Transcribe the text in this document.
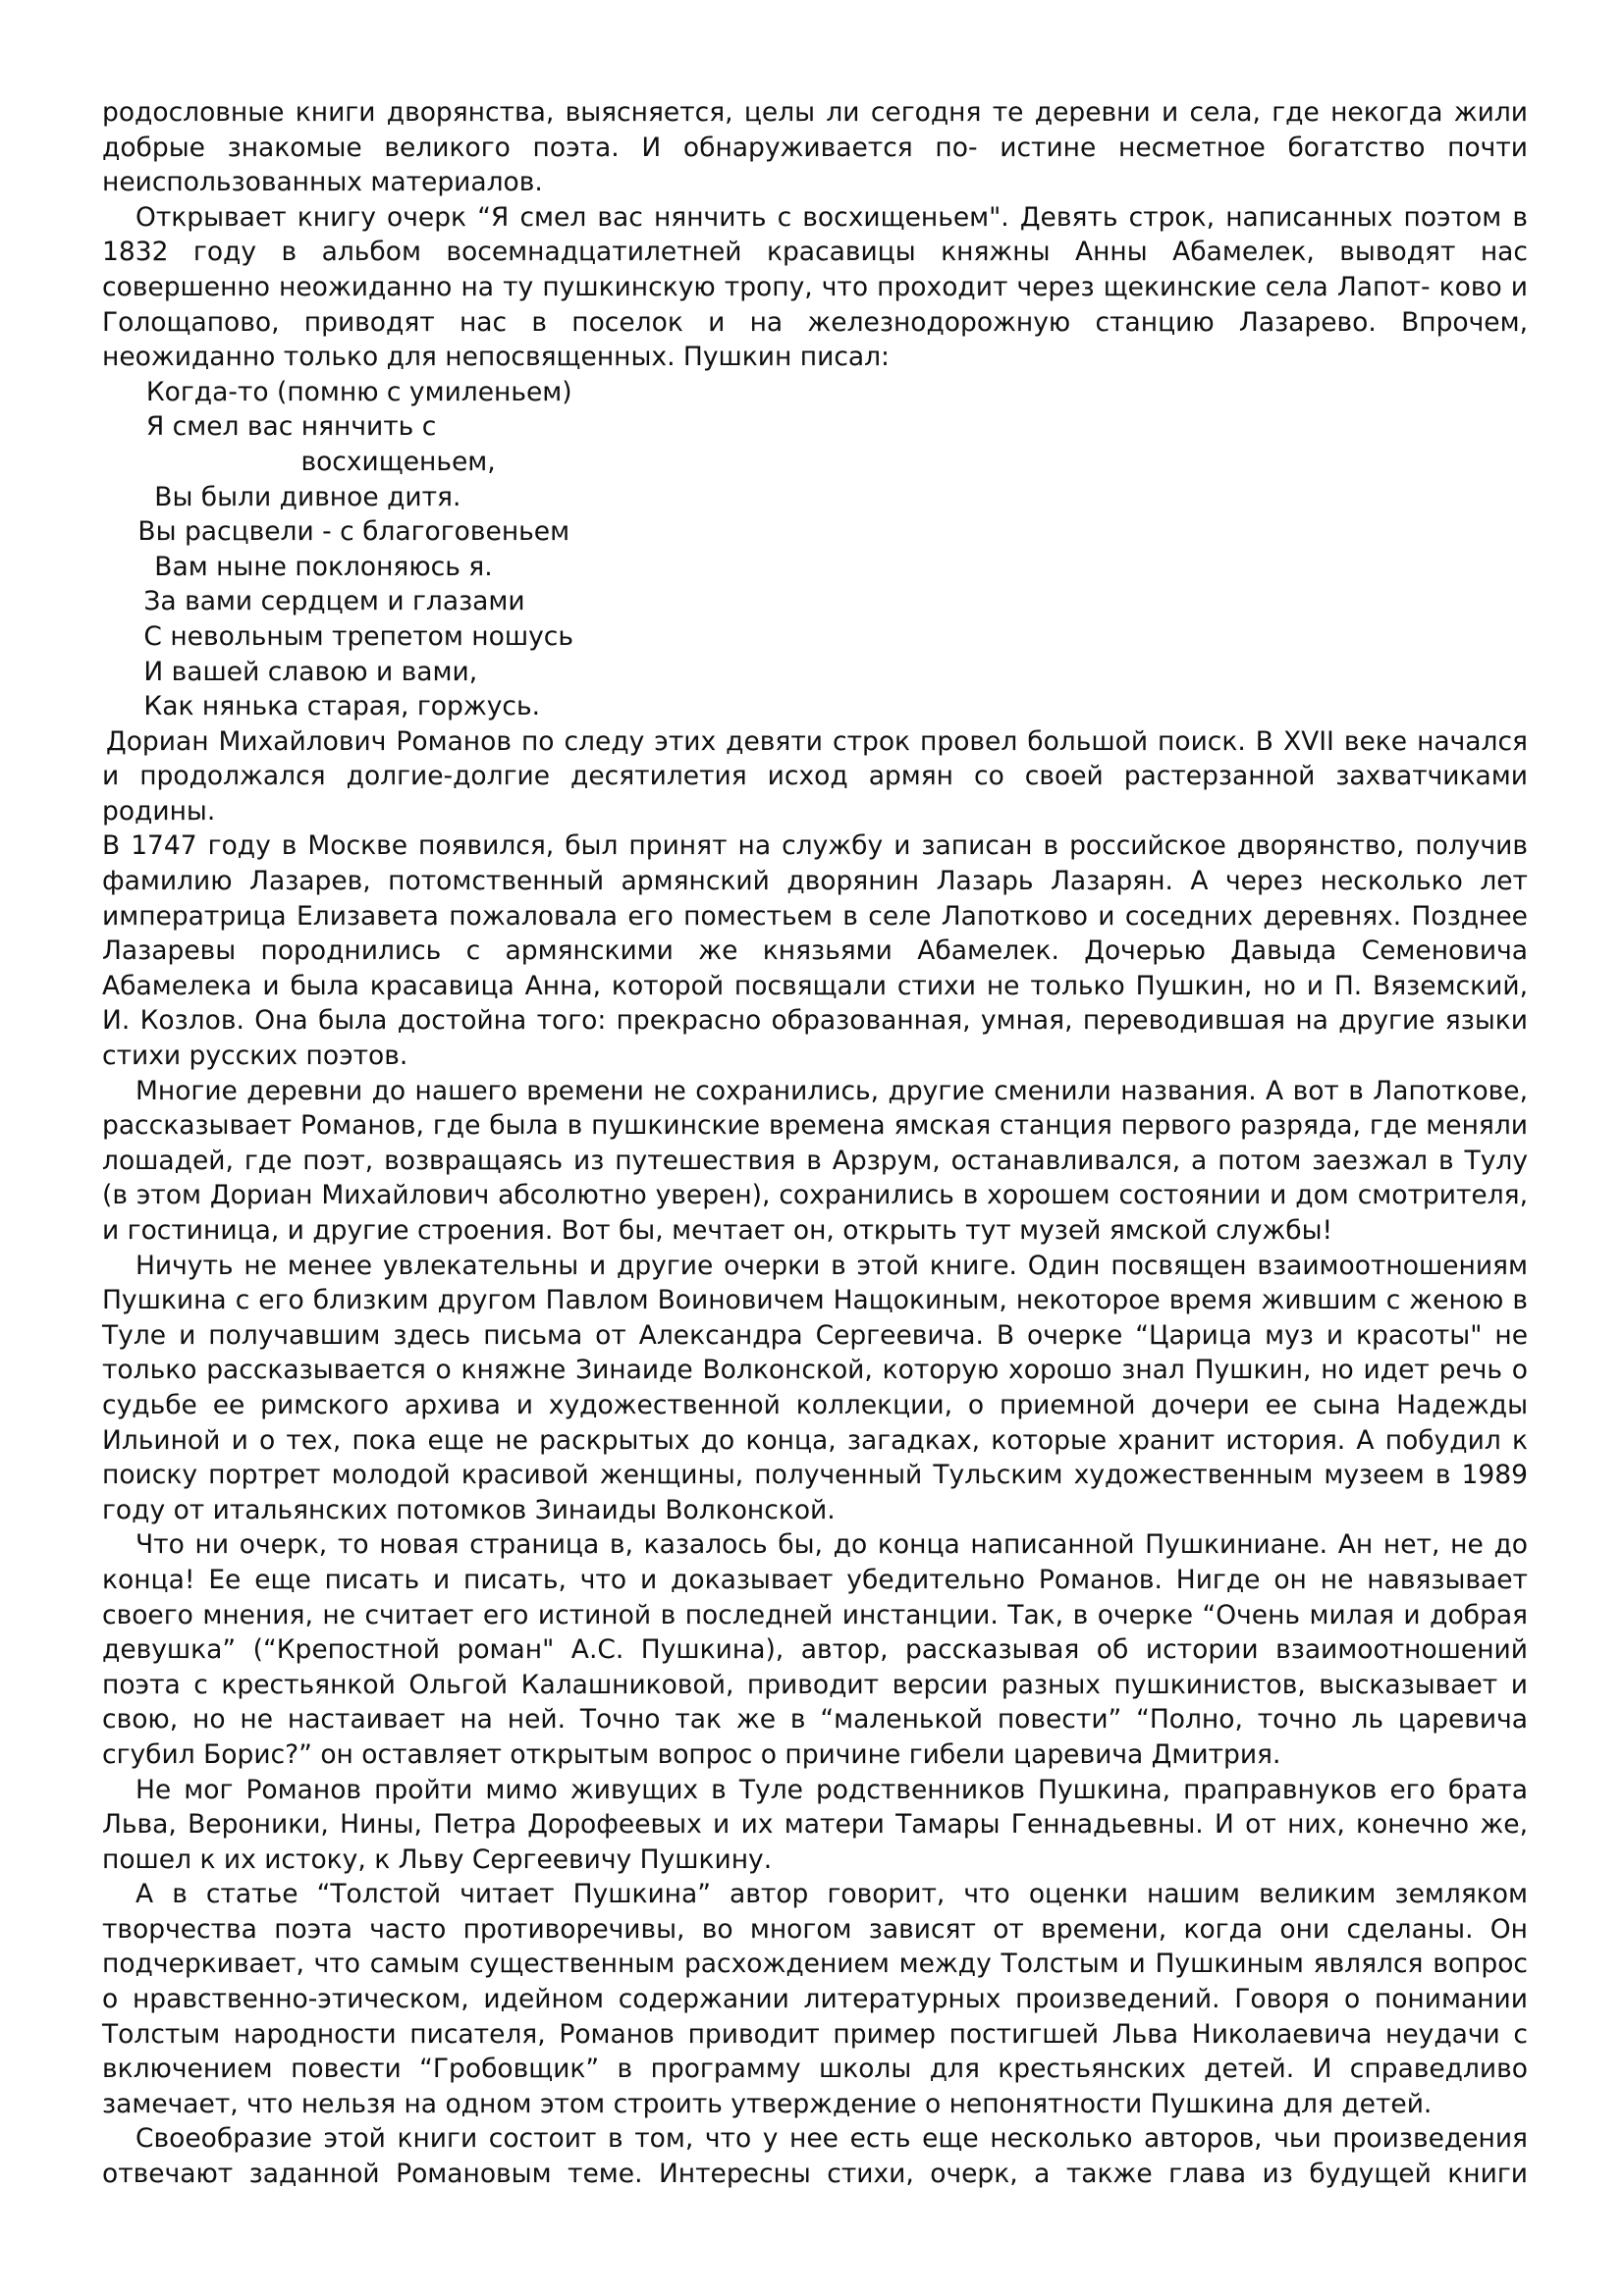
родословные книги дворянства, выясняется, целы ли сегодня те деревни и села, где некогда жили добрые знакомые великого поэта. И обнаруживается по- истине несметное богатство почти неиспользованных материалов.

Открывает книгу очерк “Я смел вас нянчить с восхищеньем". Девять строк, написанных поэтом в 1832 году в альбом восемнадцатилетней красавицы княжны Анны Абамелек, выводят нас совершенно неожиданно на ту пушкинскую тропу, что проходит через щекинские села Лапот- ково и Голощапово, приводят нас в поселок и на железнодорожную станцию Лазарево. Впрочем, неожиданно только для непосвященных. Пушкин писал:

Когда-то (помню с умиленьем)
Я смел вас нянчить с
восхищеньем,
Вы были дивное дитя.
Вы расцвели - с благоговеньем
Вам ныне поклоняюсь я.
За вами сердцем и глазами
С невольным трепетом ношусь
И вашей славою и вами,
Как нянька старая, горжусь.

Дориан Михайлович Романов по следу этих девяти строк провел большой поиск. В XVII веке начался и продолжался долгие-долгие десятилетия исход армян со своей растерзанной захватчиками родины.

В 1747 году в Москве появился, был принят на службу и записан в российское дворянство, получив фамилию Лазарев, потомственный армянский дворянин Лазарь Лазарян. А через несколько лет императрица Елизавета пожаловала его поместьем в селе Лапотково и соседних деревнях. Позднее Лазаревы породнились с армянскими же князьями Абамелек. Дочерью Давыда Семеновича Абамелека и была красавица Анна, которой посвящали стихи не только Пушкин, но и П. Вяземский, И. Козлов. Она была достойна того: прекрасно образованная, умная, переводившая на другие языки стихи русских поэтов.

Многие деревни до нашего времени не сохранились, другие сменили названия. А вот в Лапоткове, рассказывает Романов, где была в пушкинские времена ямская станция первого разряда, где меняли лошадей, где поэт, возвращаясь из путешествия в Арзрум, останавливался, а потом заезжал в Тулу (в этом Дориан Михайлович абсолютно уверен), сохранились в хорошем состоянии и дом смотрителя, и гостиница, и другие строения. Вот бы, мечтает он, открыть тут музей ямской службы!

Ничуть не менее увлекательны и другие очерки в этой книге. Один посвящен взаимоотношениям Пушкина с его близким другом Павлом Воиновичем Нащокиным, некоторое время жившим с женою в Туле и получавшим здесь письма от Александра Сергеевича. В очерке “Царица муз и красоты" не только рассказывается о княжне Зинаиде Волконской, которую хорошо знал Пушкин, но идет речь о судьбе ее римского архива и художественной коллекции, о приемной дочери ее сына Надежды Ильиной и о тех, пока еще не раскрытых до конца, загадках, которые хранит история. А побудил к поиску портрет молодой красивой женщины, полученный Тульским художественным музеем в 1989 году от итальянских потомков Зинаиды Волконской.

Что ни очерк, то новая страница в, казалось бы, до конца написанной Пушкиниане. Ан нет, не до конца! Ее еще писать и писать, что и доказывает убедительно Романов. Нигде он не навязывает своего мнения, не считает его истиной в последней инстанции. Так, в очерке “Очень милая и добрая девушка” (“Крепостной роман" А.С. Пушкина), автор, рассказывая об истории взаимоотношений поэта с крестьянкой Ольгой Калашниковой, приводит версии разных пушкинистов, высказывает и свою, но не настаивает на ней. Точно так же в “маленькой повести” “Полно, точно ль царевича сгубил Борис?” он оставляет открытым вопрос о причине гибели царевича Дмитрия.

Не мог Романов пройти мимо живущих в Туле родственников Пушкина, праправнуков его брата Льва, Вероники, Нины, Петра Дорофеевых и их матери Тамары Геннадьевны. И от них, конечно же, пошел к их истоку, к Льву Сергеевичу Пушкину.

А в статье “Толстой читает Пушкина” автор говорит, что оценки нашим великим земляком творчества поэта часто противоречивы, во многом зависят от времени, когда они сделаны. Он подчеркивает, что самым существенным расхождением между Толстым и Пушкиным являлся вопрос о нравственно-этическом, идейном содержании литературных произведений. Говоря о понимании Толстым народности писателя, Романов приводит пример постигшей Льва Николаевича неудачи с включением повести “Гробовщик” в программу школы для крестьянских детей. И справедливо замечает, что нельзя на одном этом строить утверждение о непонятности Пушкина для детей.

Своеобразие этой книги состоит в том, что у нее есть еще несколько авторов, чьи произведения отвечают заданной Романовым теме. Интересны стихи, очерк, а также глава из будущей книги
